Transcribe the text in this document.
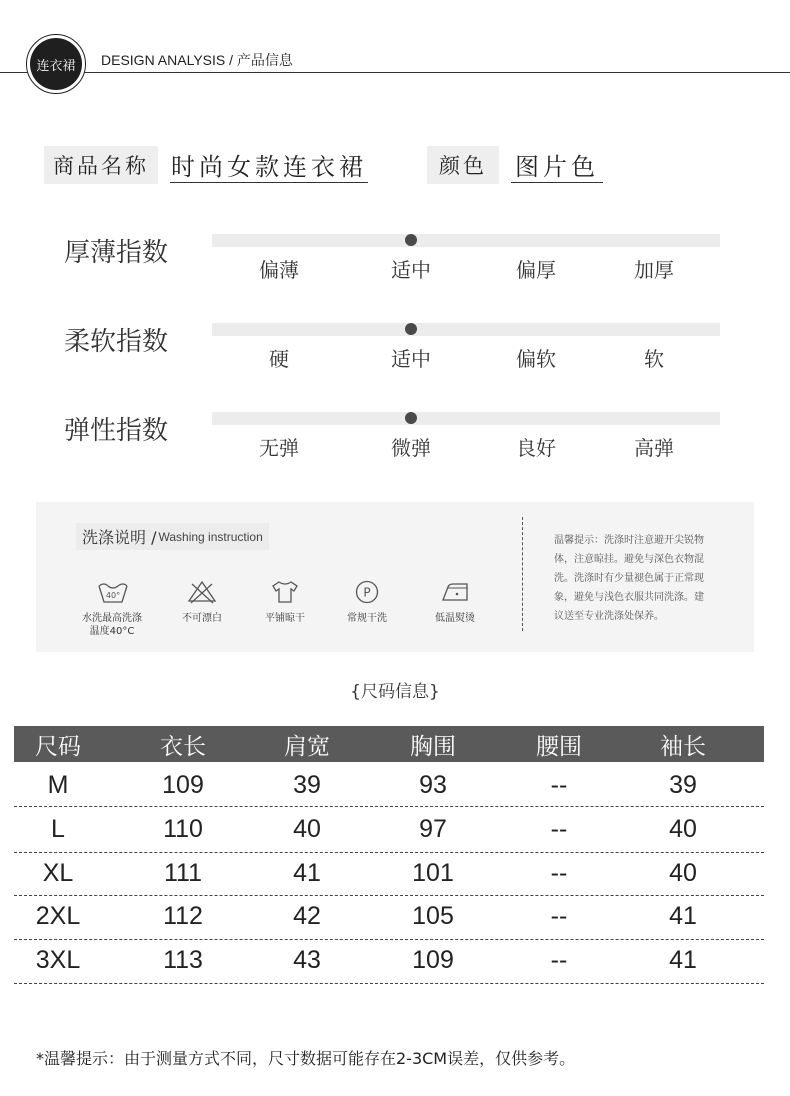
连衣裙	DESIGN ANALYSIS / 产品信息
商品名称 时尚女款连衣裙	颜色	图片色
厚薄指数
偏薄	适中	偏厚	加厚
柔软指数
硬	适中	偏软	软
弹性指数
无弹	微弹	良好	高弹
洗涤说明 / Washing instruction
40°
水洗最高洗涤
温度40°C
不可漂白	平铺晾干
P
常规干洗	低温熨烫
温馨提示：洗涤时注意避开尖锐物
体，注意晾挂。避免与深色衣物混
洗。洗涤时有少量褪色属于正常现
象，避免与浅色衣服共同洗涤。建
议送至专业洗涤处保养。
{尺码信息}
尺码	衣长	肩宽	胸围	腰围	袖长
M	109	39	93	--	39
L	110	40	97	--	40
XL	111	41	101	--	40
2XL	112	42	105	--	41
3XL	113	43	109	--	41
*温馨提示：由于测量方式不同，尺寸数据可能存在2-3CM误差，仅供参考。
